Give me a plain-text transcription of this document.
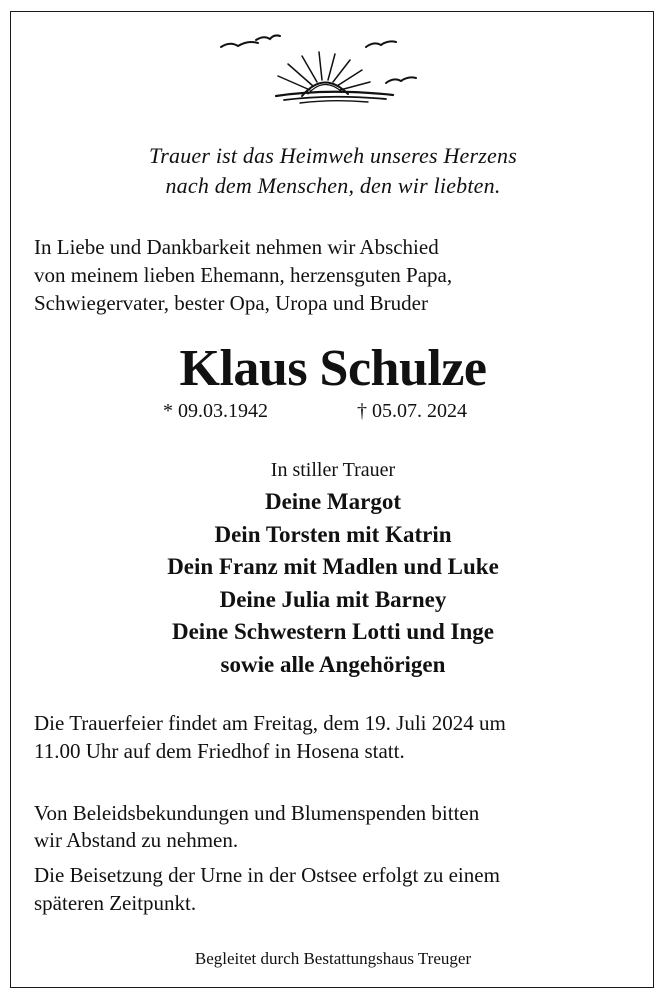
Trauer ist das Heimweh unseres Herzens

nach dem Menschen, den wir liebten.

In Liebe und Dankbarkeit nehmen wir Abschied

von meinem lieben Ehemann, herzensguten Papa,

Schwiegervater, bester Opa, Uropa und Bruder

Klaus Schulze
* 09.03.1942	† 05.07. 2024

In stiller Trauer

Deine Margot

Dein Torsten mit Katrin

Dein Franz mit Madlen und Luke

Deine Julia mit Barney

Deine Schwestern Lotti und Inge

sowie alle Angehörigen

Die Trauerfeier findet am Freitag, dem 19. Juli 2024 um

11.00 Uhr auf dem Friedhof in Hosena statt.

Von Beleidsbekundungen und Blumenspenden bitten

wir Abstand zu nehmen.

Die Beisetzung der Urne in der Ostsee erfolgt zu einem

späteren Zeitpunkt.

Begleitet durch Bestattungshaus Treuger
